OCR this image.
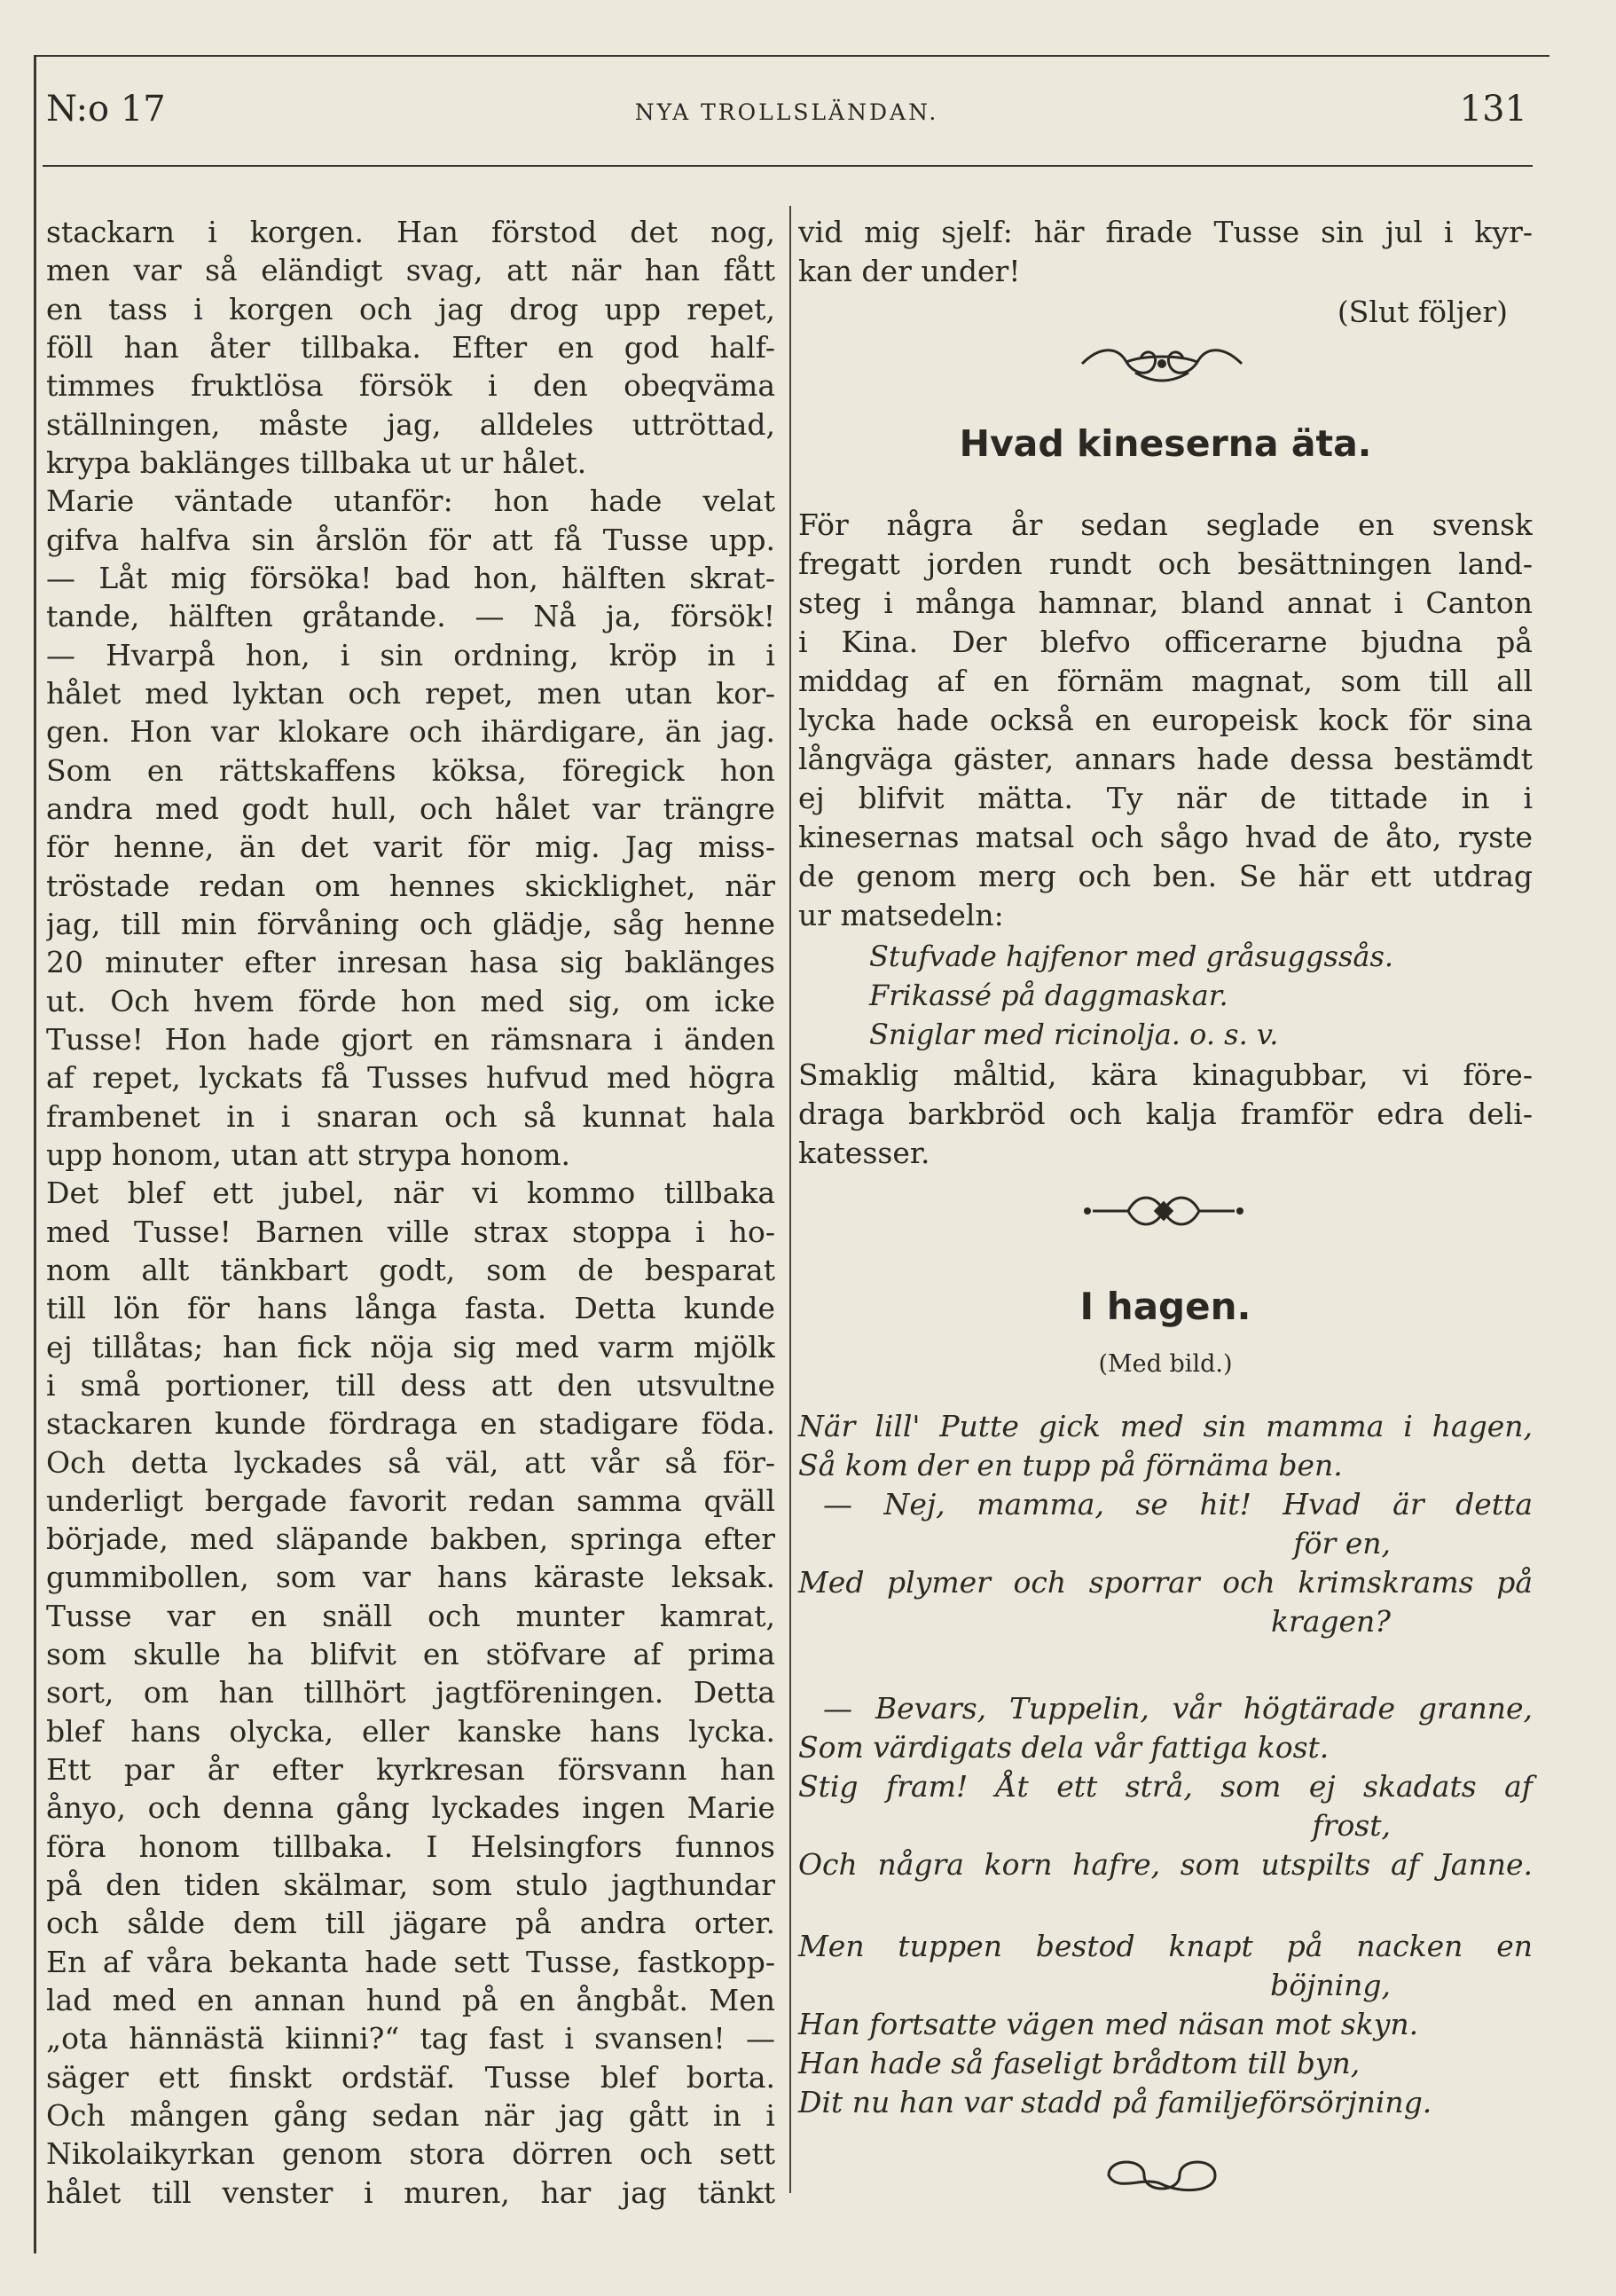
N:o 17	NYA TROLLSLÄNDAN.	131
stackarn i korgen. Han förstod det nog,
men var så eländigt svag, att när han fått
en tass i korgen och jag drog upp repet,
föll han åter tillbaka. Efter en god half-
timmes fruktlösa försök i den obeqväma
ställningen, måste jag, alldeles uttröttad,
krypa baklänges tillbaka ut ur hålet.
Marie väntade utanför: hon hade velat
gifva halfva sin årslön för att få Tusse upp.
— Låt mig försöka! bad hon, hälften skrat-
tande, hälften gråtande. — Nå ja, försök!
— Hvarpå hon, i sin ordning, kröp in i
hålet med lyktan och repet, men utan kor-
gen. Hon var klokare och ihärdigare, än jag.
Som en rättskaffens köksa, föregick hon
andra med godt hull, och hålet var trängre
för henne, än det varit för mig. Jag miss-
tröstade redan om hennes skicklighet, när
jag, till min förvåning och glädje, såg henne
20 minuter efter inresan hasa sig baklänges
ut. Och hvem förde hon med sig, om icke
Tusse! Hon hade gjort en rämsnara i änden
af repet, lyckats få Tusses hufvud med högra
frambenet in i snaran och så kunnat hala
upp honom, utan att strypa honom.
Det blef ett jubel, när vi kommo tillbaka
med Tusse! Barnen ville strax stoppa i ho-
nom allt tänkbart godt, som de besparat
till lön för hans långa fasta. Detta kunde
ej tillåtas; han fick nöja sig med varm mjölk
i små portioner, till dess att den utsvultne
stackaren kunde fördraga en stadigare föda.
Och detta lyckades så väl, att vår så för-
underligt bergade favorit redan samma qväll
började, med släpande bakben, springa efter
gummibollen, som var hans käraste leksak.
Tusse var en snäll och munter kamrat,
som skulle ha blifvit en stöfvare af prima
sort, om han tillhört jagtföreningen. Detta
blef hans olycka, eller kanske hans lycka.
Ett par år efter kyrkresan försvann han
ånyo, och denna gång lyckades ingen Marie
föra honom tillbaka. I Helsingfors funnos
på den tiden skälmar, som stulo jagthundar
och sålde dem till jägare på andra orter.
En af våra bekanta hade sett Tusse, fastkopp-
lad med en annan hund på en ångbåt. Men
„ota hännästä kiinni?“ tag fast i svansen! —
säger ett finskt ordstäf. Tusse blef borta.
Och mången gång sedan när jag gått in i
Nikolaikyrkan genom stora dörren och sett
hålet till venster i muren, har jag tänkt
vid mig sjelf: här firade Tusse sin jul i kyr-
kan der under!
(Slut följer)
Hvad kineserna äta.
För några år sedan seglade en svensk
fregatt jorden rundt och besättningen land-
steg i många hamnar, bland annat i Canton
i Kina. Der blefvo officerarne bjudna på
middag af en förnäm magnat, som till all
lycka hade också en europeisk kock för sina
långväga gäster, annars hade dessa bestämdt
ej blifvit mätta. Ty när de tittade in i
kinesernas matsal och sågo hvad de åto, ryste
de genom merg och ben. Se här ett utdrag
ur matsedeln:
Stufvade hajfenor med gråsuggssås.
Frikassé på daggmaskar.
Sniglar med ricinolja. o. s. v.
Smaklig måltid, kära kinagubbar, vi före-
draga barkbröd och kalja framför edra deli-
katesser.
I hagen.
(Med bild.)
När lill' Putte gick med sin mamma i hagen,
Så kom der en tupp på förnäma ben.
— Nej, mamma, se hit! Hvad är detta
för en,
Med plymer och sporrar och krimskrams på
kragen?
— Bevars, Tuppelin, vår högtärade granne,
Som värdigats dela vår fattiga kost.
Stig fram! Åt ett strå, som ej skadats af
frost,
Och några korn hafre, som utspilts af Janne.
Men tuppen bestod knapt på nacken en
böjning,
Han fortsatte vägen med näsan mot skyn.
Han hade så faseligt brådtom till byn,
Dit nu han var stadd på familjeförsörjning.
